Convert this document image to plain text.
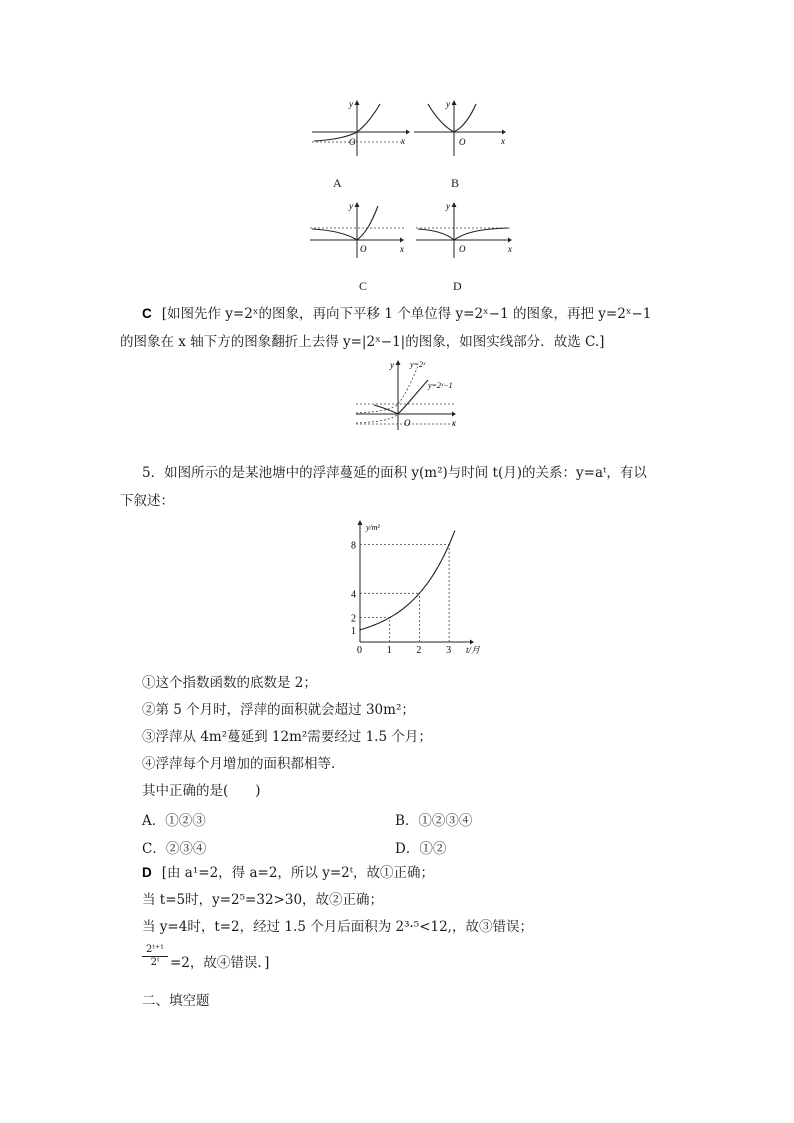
y
x
O
A
y
x
O
B
y
x
O
C
y
x
O
D
C [如图先作 y=2ˣ的图象，再向下平移 1 个单位得 y=2ˣ−1 的图象，再把 y=2ˣ−1
的图象在 x 轴下方的图象翻折上去得 y=|2ˣ−1|的图象，如图实线部分．故选 C.]
y=2ˣ
y=2ˣ−1
y
x
O
5．如图所示的是某池塘中的浮萍蔓延的面积 y(m²)与时间 t(月)的关系：y=aᵗ，有以
下叙述：
y/m²
t/月
0 1 2 3
1
2
4
8
①这个指数函数的底数是 2；
②第 5 个月时，浮萍的面积就会超过 30m²；
③浮萍从 4m²蔓延到 12m²需要经过 1.5 个月；
④浮萍每个月增加的面积都相等.
其中正确的是(　　)
A．①②③	B．①②③④
C．②③④	D．①②
D [由 a¹=2，得 a=2，所以 y=2ᵗ，故①正确；
当 t=5时，y=2⁵=32>30，故②正确；
当 y=4时，t=2，经过 1.5 个月后面积为 2³·⁵<12,，故③错误；
$\frac{\text{2ᵗ⁺¹}}{\text{2ᵗ}} =2$，故④错误．]
二、填空题
